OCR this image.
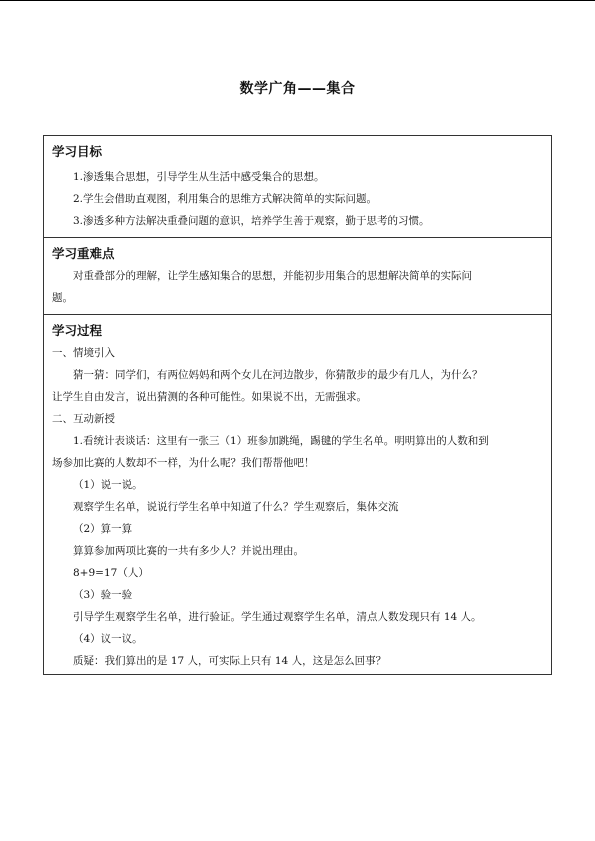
数学广角——集合
学习目标
1.渗透集合思想，引导学生从生活中感受集合的思想。
2.学生会借助直观图，利用集合的思维方式解决简单的实际问题。
3.渗透多种方法解决重叠问题的意识，培养学生善于观察，勤于思考的习惯。
学习重难点
对重叠部分的理解，让学生感知集合的思想，并能初步用集合的思想解决简单的实际问
题。
学习过程
一、情境引入
猜一猜：同学们，有两位妈妈和两个女儿在河边散步，你猜散步的最少有几人，为什么？
让学生自由发言，说出猜测的各种可能性。如果说不出，无需强求。
二、互动新授
1.看统计表谈话：这里有一张三（1）班参加跳绳，踢毽的学生名单。明明算出的人数和到
场参加比赛的人数却不一样，为什么呢？我们帮帮他吧！
（1）说一说。
观察学生名单，说说行学生名单中知道了什么？学生观察后，集体交流
（2）算一算
算算参加两项比赛的一共有多少人？并说出理由。
8+9=17（人）
（3）验一验
引导学生观察学生名单，进行验证。学生通过观察学生名单，清点人数发现只有 14 人。
（4）议一议。
质疑：我们算出的是 17 人，可实际上只有 14 人，这是怎么回事？
